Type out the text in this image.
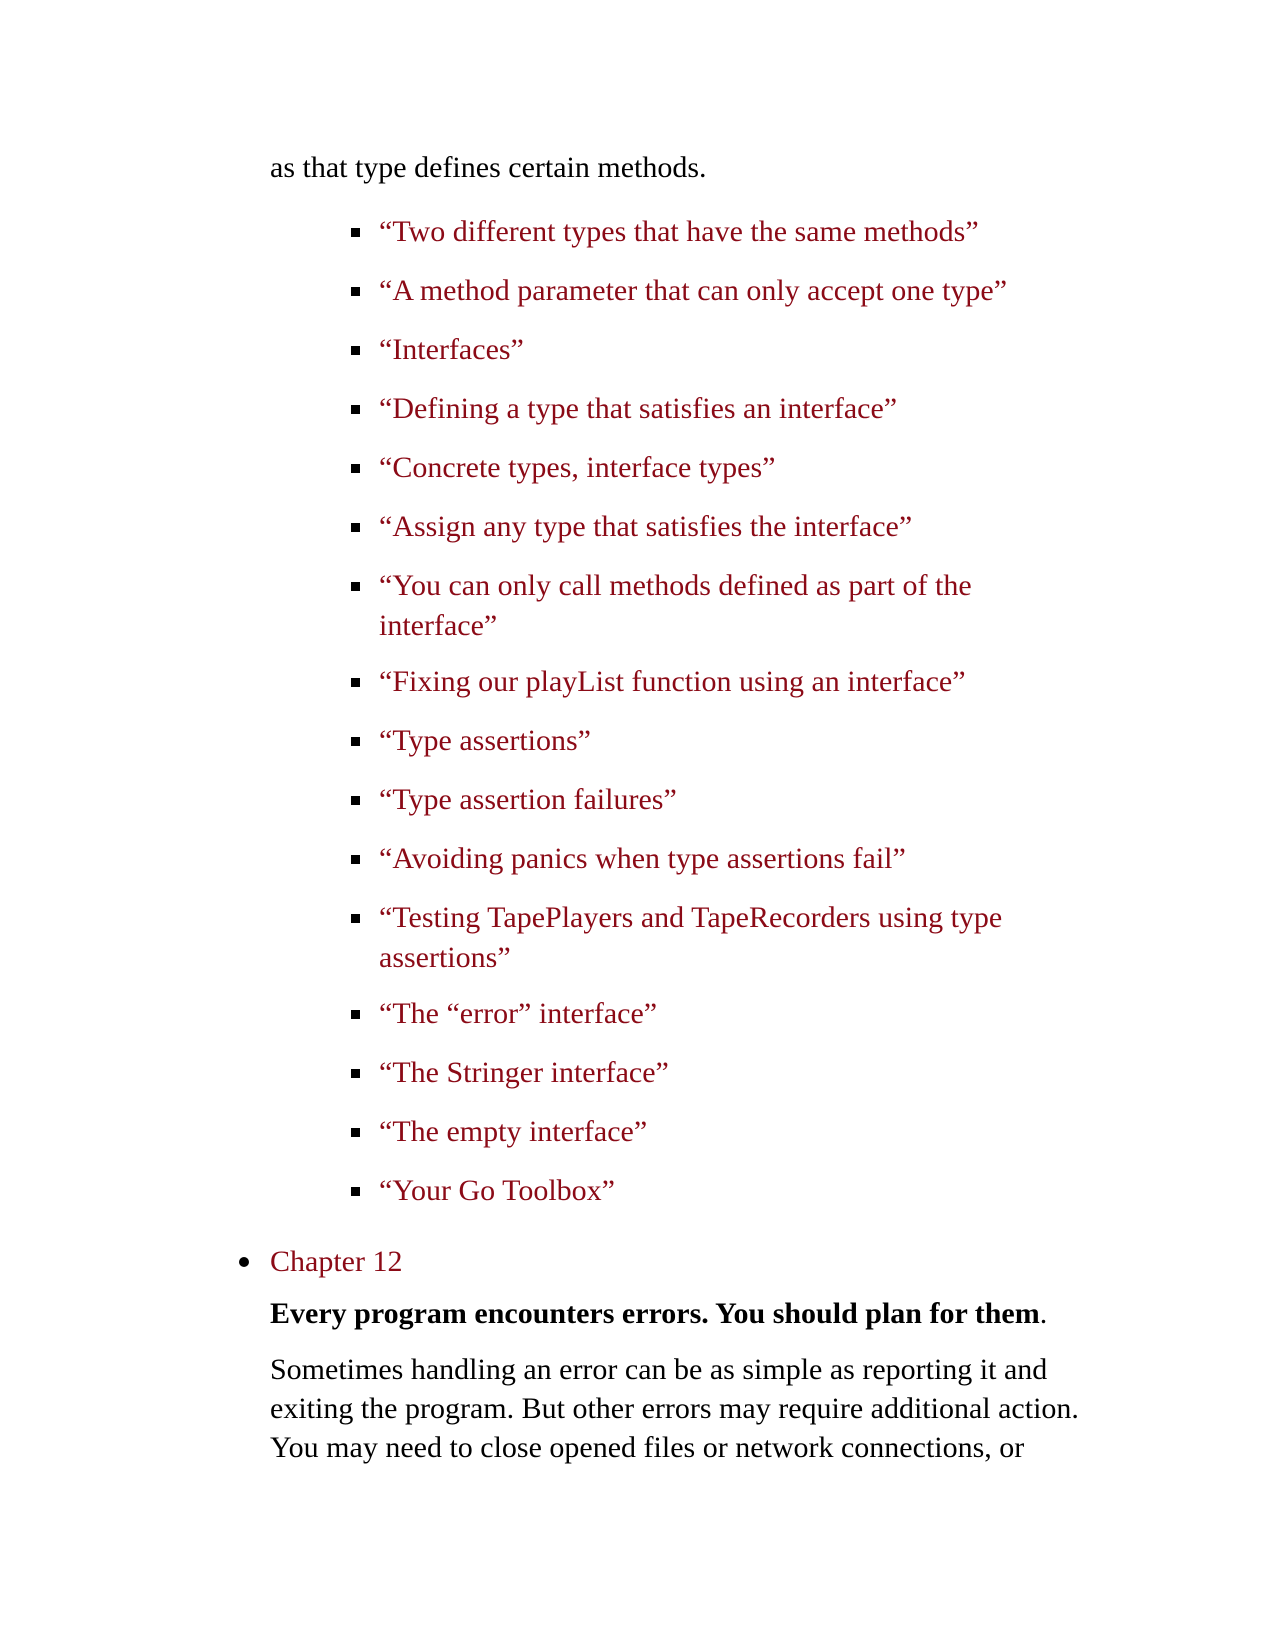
as that type defines certain methods.

“Two different types that have the same methods”
“A method parameter that can only accept one type”
“Interfaces”
“Defining a type that satisfies an interface”
“Concrete types, interface types”
“Assign any type that satisfies the interface”
“You can only call methods defined as part of the interface”
“Fixing our playList function using an interface”
“Type assertions”
“Type assertion failures”
“Avoiding panics when type assertions fail”
“Testing TapePlayers and TapeRecorders using type assertions”
“The “error” interface”
“The Stringer interface”
“The empty interface”
“Your Go Toolbox”
Chapter 12

Every program encounters errors. You should plan for them.

Sometimes handling an error can be as simple as reporting it and
exiting the program. But other errors may require additional action.
You may need to close opened files or network connections, or
